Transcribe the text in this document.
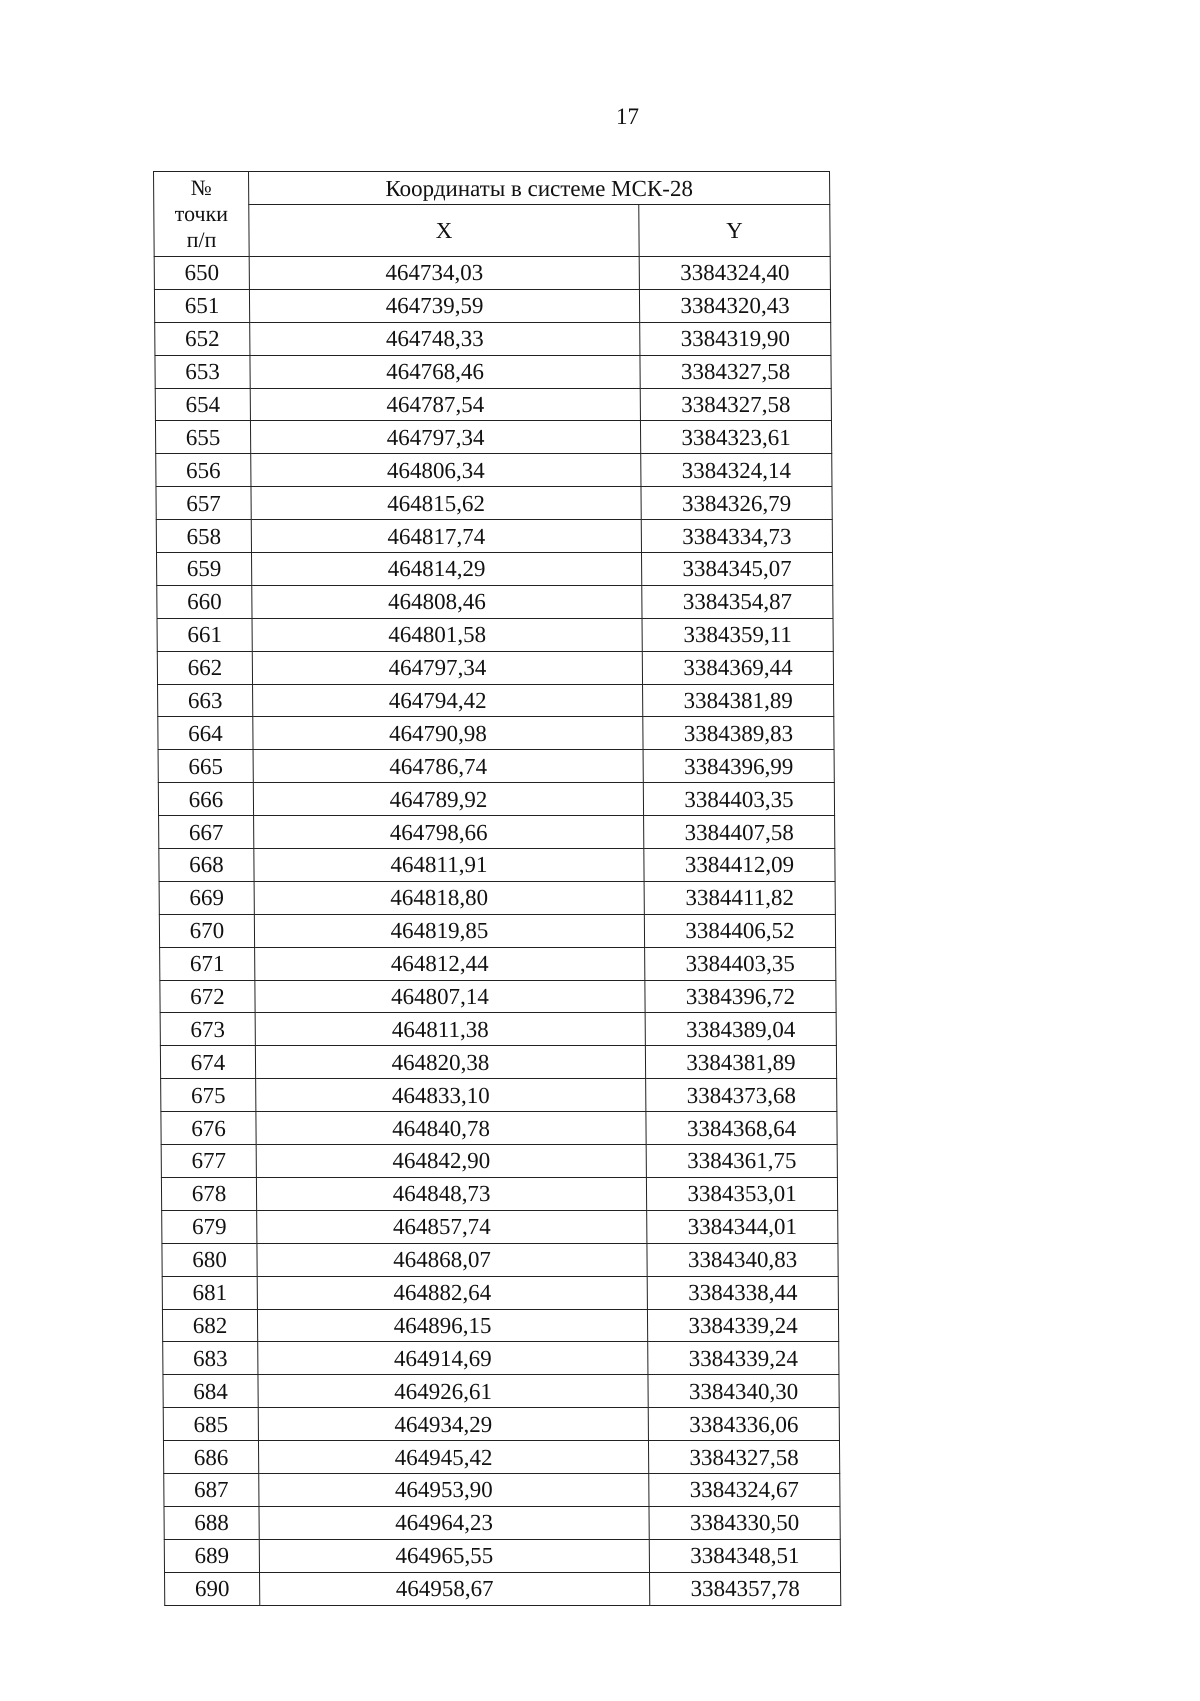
17
№
точки
п/п	Координаты в системе МСК-28	
	X	Y
650	464734,03	3384324,40
651	464739,59	3384320,43
652	464748,33	3384319,90
653	464768,46	3384327,58
654	464787,54	3384327,58
655	464797,34	3384323,61
656	464806,34	3384324,14
657	464815,62	3384326,79
658	464817,74	3384334,73
659	464814,29	3384345,07
660	464808,46	3384354,87
661	464801,58	3384359,11
662	464797,34	3384369,44
663	464794,42	3384381,89
664	464790,98	3384389,83
665	464786,74	3384396,99
666	464789,92	3384403,35
667	464798,66	3384407,58
668	464811,91	3384412,09
669	464818,80	3384411,82
670	464819,85	3384406,52
671	464812,44	3384403,35
672	464807,14	3384396,72
673	464811,38	3384389,04
674	464820,38	3384381,89
675	464833,10	3384373,68
676	464840,78	3384368,64
677	464842,90	3384361,75
678	464848,73	3384353,01
679	464857,74	3384344,01
680	464868,07	3384340,83
681	464882,64	3384338,44
682	464896,15	3384339,24
683	464914,69	3384339,24
684	464926,61	3384340,30
685	464934,29	3384336,06
686	464945,42	3384327,58
687	464953,90	3384324,67
688	464964,23	3384330,50
689	464965,55	3384348,51
690	464958,67	3384357,78
